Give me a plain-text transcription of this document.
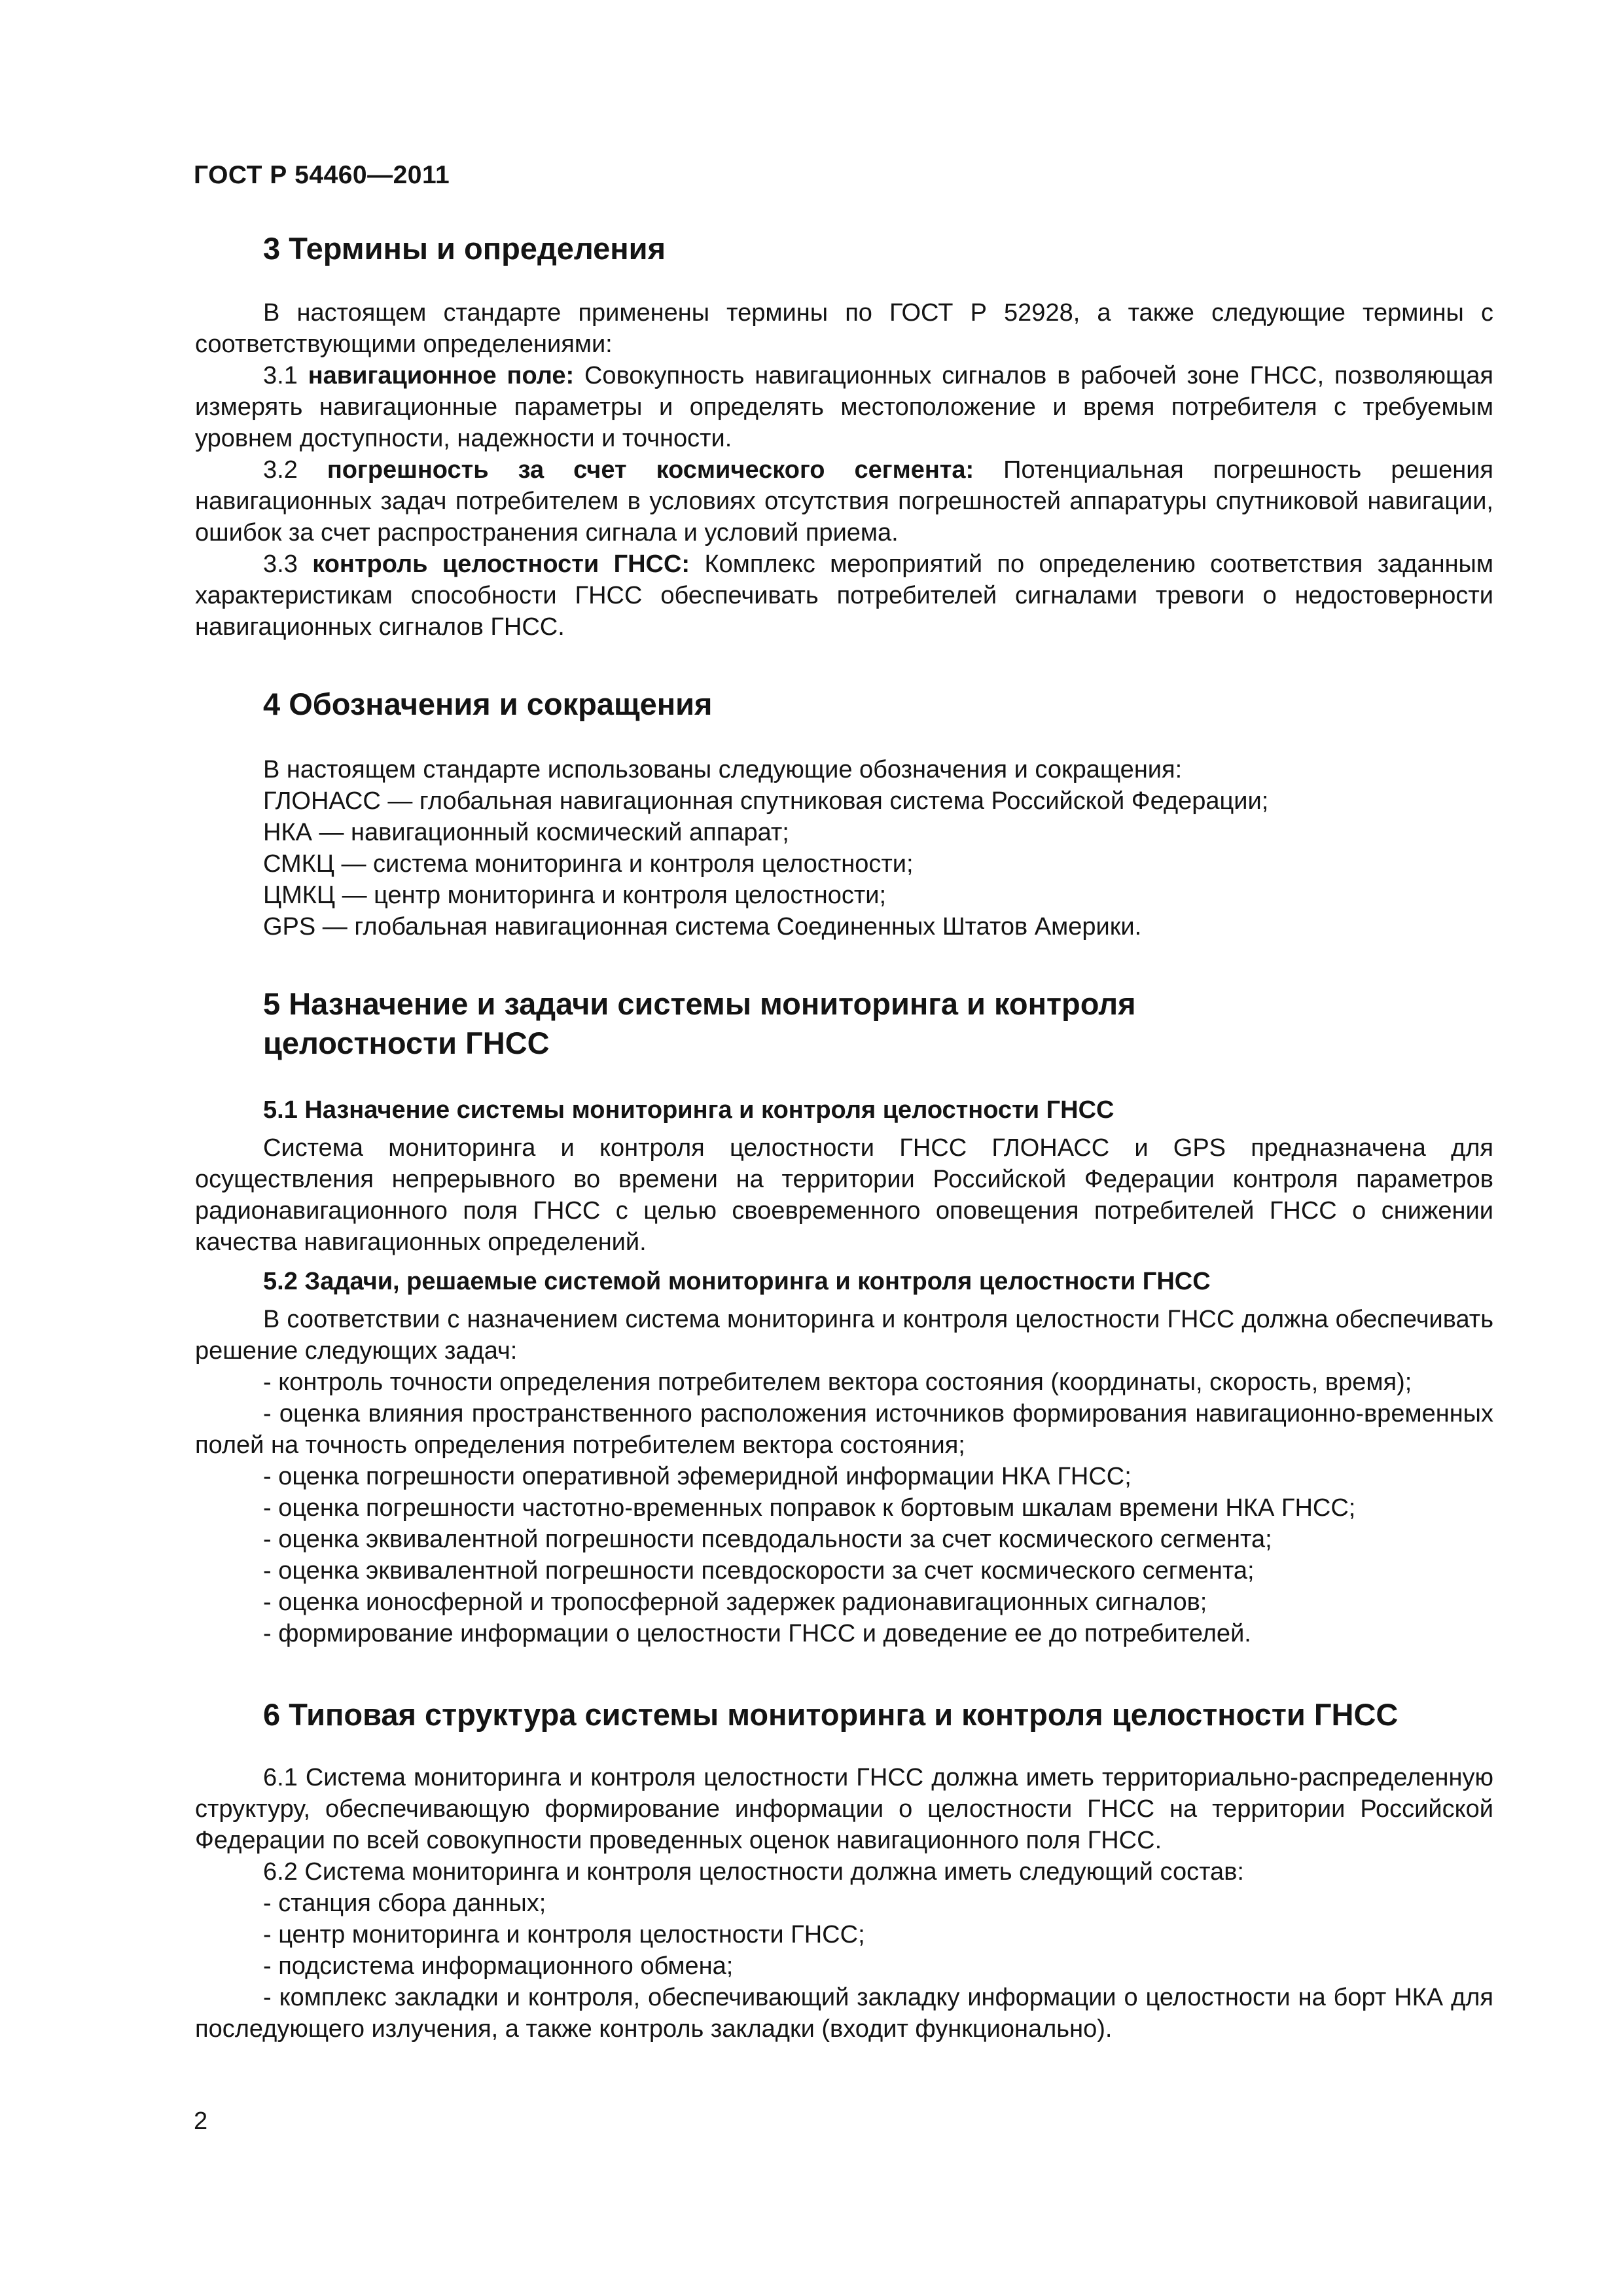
ГОСТ Р 54460—2011
3 Термины и определения

В настоящем стандарте применены термины по ГОСТ Р 52928, а также следующие термины с соответствующими определениями:

3.1 навигационное поле: Совокупность навигационных сигналов в рабочей зоне ГНСС, позволяющая измерять навигационные параметры и определять местоположение и время потребителя с требуемым уровнем доступности, надежности и точности.

3.2 погрешность за счет космического сегмента: Потенциальная погрешность решения навигационных задач потребителем в условиях отсутствия погрешностей аппаратуры спутниковой навигации, ошибок за счет распространения сигнала и условий приема.

3.3 контроль целостности ГНСС: Комплекс мероприятий по определению соответствия заданным характеристикам способности ГНСС обеспечивать потребителей сигналами тревоги о недостоверности навигационных сигналов ГНСС.

4 Обозначения и сокращения

В настоящем стандарте использованы следующие обозначения и сокращения:

ГЛОНАСС — глобальная навигационная спутниковая система Российской Федерации;

НКА — навигационный космический аппарат;

СМКЦ — система мониторинга и контроля целостности;

ЦМКЦ — центр мониторинга и контроля целостности;

GPS — глобальная навигационная система Соединенных Штатов Америки.

5 Назначение и задачи системы мониторинга и контроля
целостности ГНСС
5.1 Назначение системы мониторинга и контроля целостности ГНСС

Система мониторинга и контроля целостности ГНСС ГЛОНАСС и GPS предназначена для осуществления непрерывного во времени на территории Российской Федерации контроля параметров радионавигационного поля ГНСС с целью своевременного оповещения потребителей ГНСС о снижении качества навигационных определений.

5.2 Задачи, решаемые системой мониторинга и контроля целостности ГНСС

В соответствии с назначением система мониторинга и контроля целостности ГНСС должна обеспечивать решение следующих задач:

- контроль точности определения потребителем вектора состояния (координаты, скорость, время);

- оценка влияния пространственного расположения источников формирования навигационно-временных полей на точность определения потребителем вектора состояния;

- оценка погрешности оперативной эфемеридной информации НКА ГНСС;

- оценка погрешности частотно-временных поправок к бортовым шкалам времени НКА ГНСС;

- оценка эквивалентной погрешности псевдодальности за счет космического сегмента;

- оценка эквивалентной погрешности псевдоскорости за счет космического сегмента;

- оценка ионосферной и тропосферной задержек радионавигационных сигналов;

- формирование информации о целостности ГНСС и доведение ее до потребителей.

6 Типовая структура системы мониторинга и контроля целостности ГНСС

6.1 Система мониторинга и контроля целостности ГНСС должна иметь территориально-распределенную структуру, обеспечивающую формирование информации о целостности ГНСС на территории Российской Федерации по всей совокупности проведенных оценок навигационного поля ГНСС.

6.2 Система мониторинга и контроля целостности должна иметь следующий состав:

- станция сбора данных;

- центр мониторинга и контроля целостности ГНСС;

- подсистема информационного обмена;

- комплекс закладки и контроля, обеспечивающий закладку информации о целостности на борт НКА для последующего излучения, а также контроль закладки (входит функционально).

2
